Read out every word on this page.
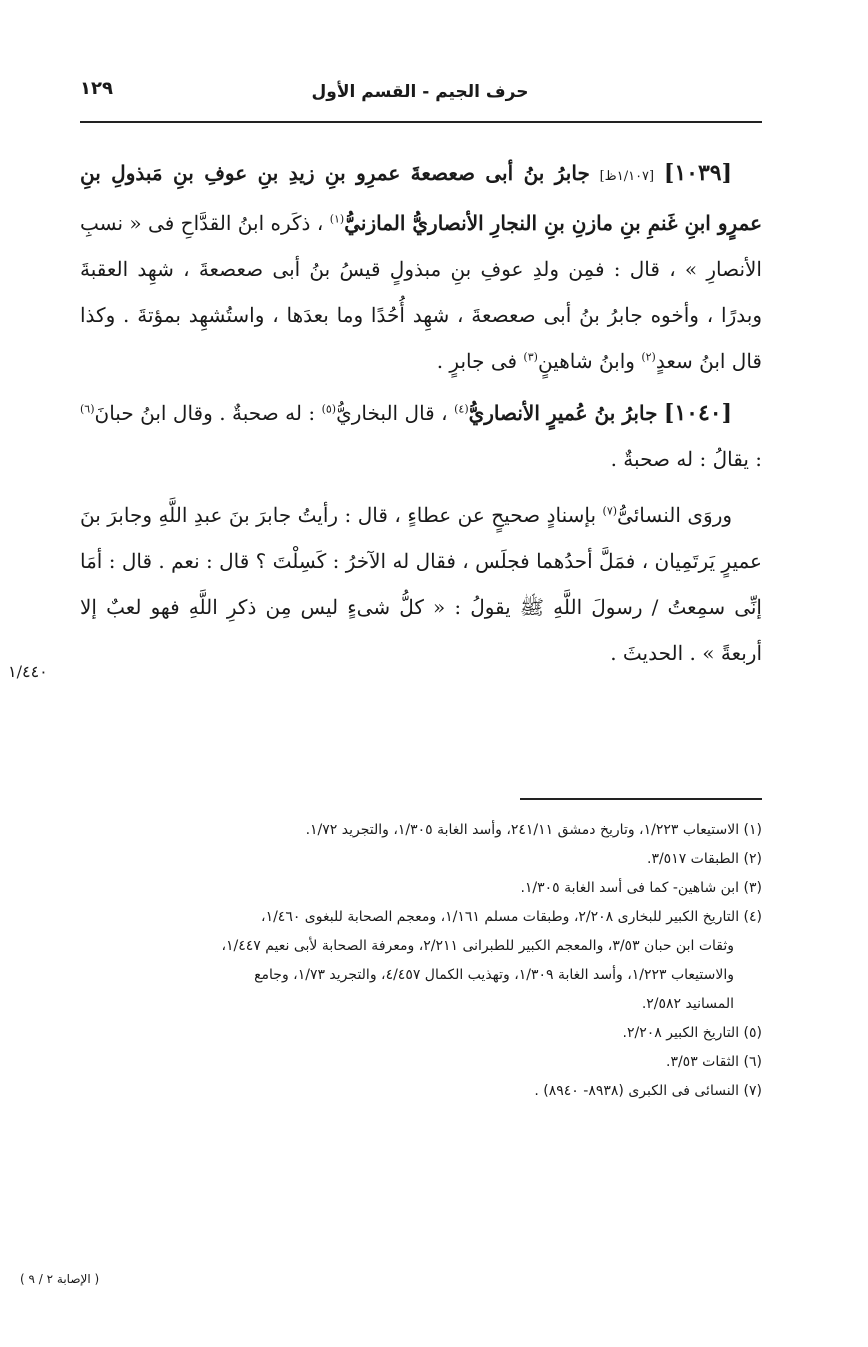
حرف الجيم - القسم الأول
١٢٩

[١٠٣٩] [١/١٠٧ظ] جابرُ بنُ أبى صعصعةَ عمرِو بنِ زيدِ بنِ عوفِ بنِ مَبذولِ بنِ عمرٍو ابنِ غَنمِ بنِ مازنِ بنِ النجارِ الأنصاريُّ المازنيُّ$^{(١)}$ ، ذكَره ابنُ القدَّاحِ فى « نسبِ الأنصارِ » ، قال : فمِن ولدِ عوفِ بنِ مبذولٍ قيسُ بنُ أبى صعصعةَ ، شهِد العقبةَ وبدرًا ، وأخوه جابرُ بنُ أبى صعصعةَ ، شهِد أُحُدًا وما بعدَها ، واستُشهِد بمؤتةَ . وكذا قال ابنُ سعدٍ$^{(٢)}$ وابنُ شاهينٍ$^{(٣)}$ فى جابرٍ .

[١٠٤٠] جابرُ بنُ عُميرٍ الأنصاريُّ$^{(٤)}$ ، قال البخاريُّ$^{(٥)}$ : له صحبةٌ . وقال ابنُ حبانَ$^{(٦)}$ : يقالُ : له صحبةٌ .

وروَى النسائىُّ$^{(٧)}$ بإسنادٍ صحيحٍ عن عطاءٍ ، قال : رأيتُ جابرَ بنَ عبدِ اللَّهِ وجابرَ بنَ عميرٍ يَرتَمِيان ، فمَلَّ أحدُهما فجلَس ، فقال له الآخرُ : كَسِلْتَ ؟ قال : نعم . قال : أمَا إنِّى سمِعتُ / رسولَ اللَّهِ ﷺ يقولُ : « كلُّ شىءٍ ليس مِن ذكرِ اللَّهِ فهو لعبٌ إلا أربعةً » . الحديثَ .

١/٤٤٠

(١) الاستيعاب ١/٢٢٣، وتاريخ دمشق ٢٤١/١١، وأسد الغابة ١/٣٠٥، والتجريد ١/٧٢.

(٢) الطبقات ٣/٥١٧.

(٣) ابن شاهين- كما فى أسد الغابة ١/٣٠٥.

(٤) التاريخ الكبير للبخارى ٢/٢٠٨، وطبقات مسلم ١/١٦١، ومعجم الصحابة للبغوى ١/٤٦٠،

وثقات ابن حبان ٣/٥٣، والمعجم الكبير للطبرانى ٢/٢١١، ومعرفة الصحابة لأبى نعيم ١/٤٤٧،

والاستيعاب ١/٢٢٣، وأسد الغابة ١/٣٠٩، وتهذيب الكمال ٤/٤٥٧، والتجريد ١/٧٣، وجامع

المسانيد ٢/٥٨٢.

(٥) التاريخ الكبير ٢/٢٠٨.

(٦) الثقات ٣/٥٣.

(٧) النسائى فى الكبرى (٨٩٣٨- ٨٩٤٠) .

( الإصابة ٢ / ٩ )
